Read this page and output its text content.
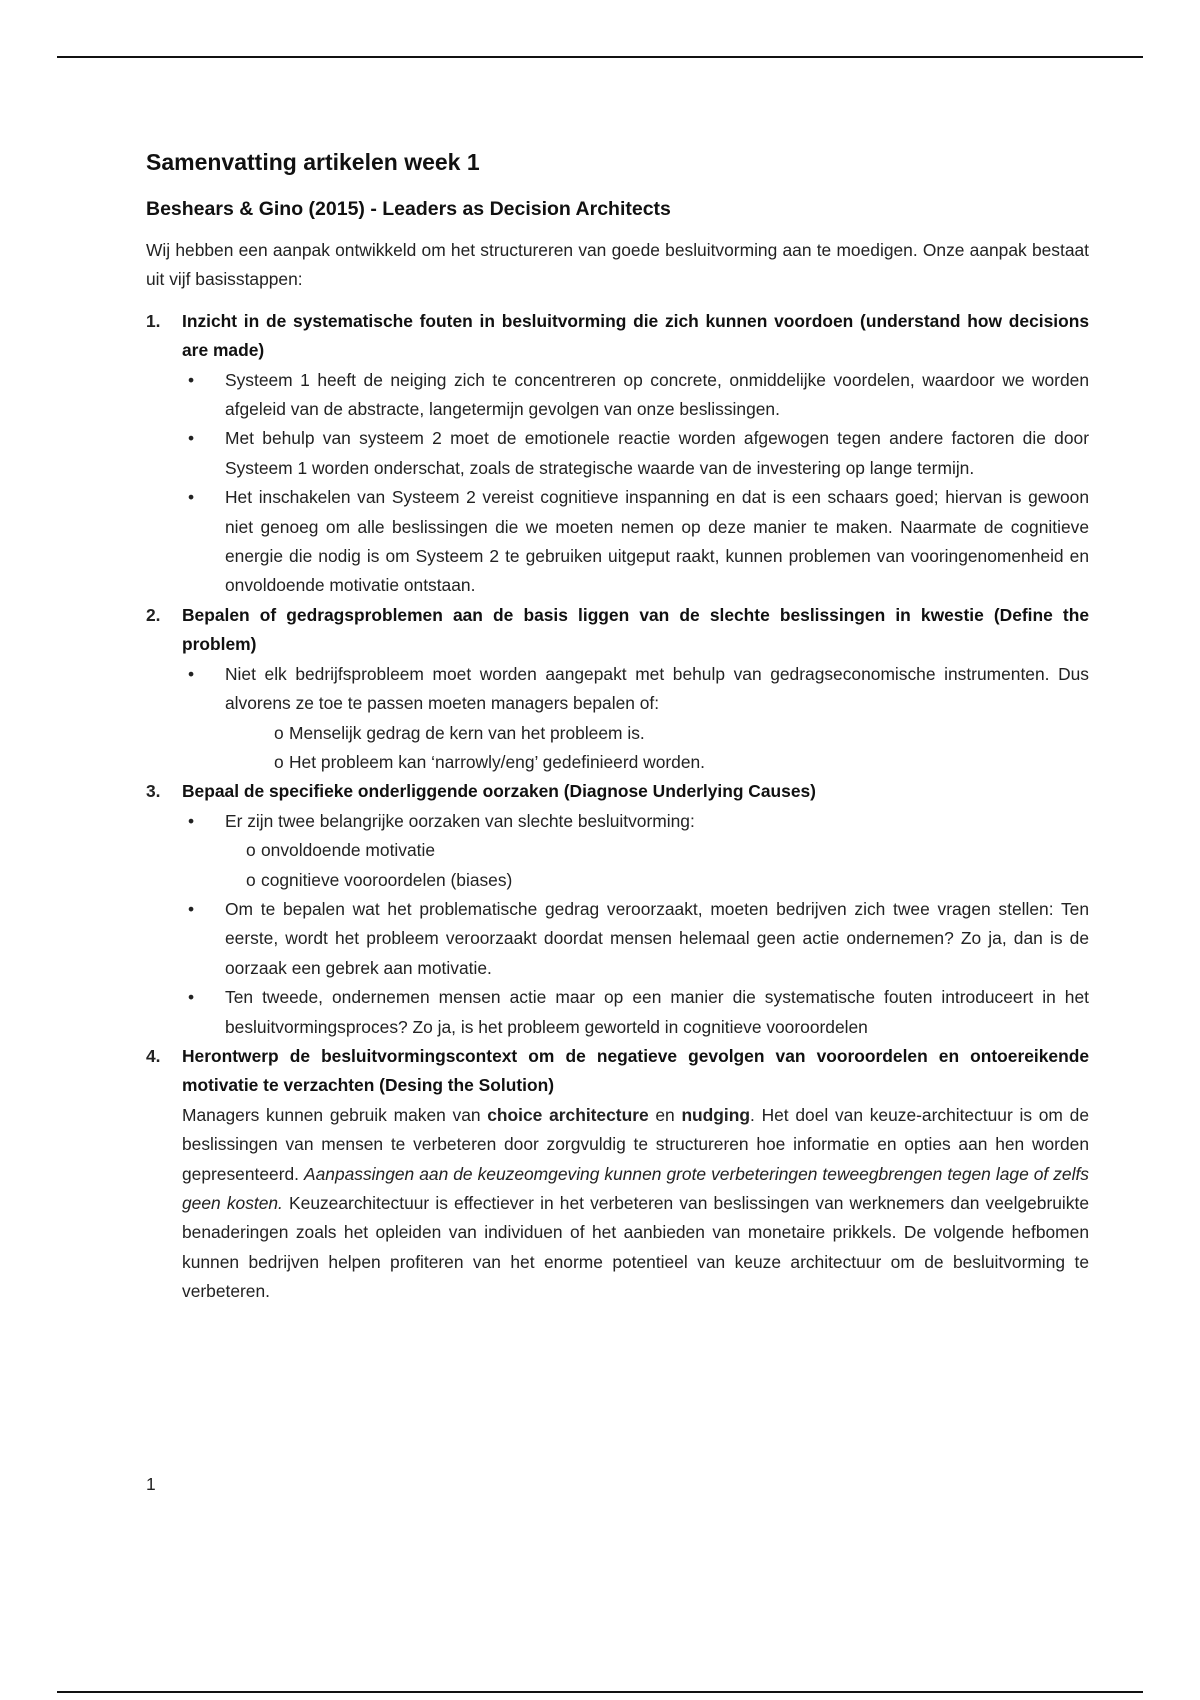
Samenvatting artikelen week 1
Beshears & Gino (2015) - Leaders as Decision Architects

Wij hebben een aanpak ontwikkeld om het structureren van goede besluitvorming aan te moedigen. Onze aanpak bestaat uit vijf basisstappen:

1. Inzicht in de systematische fouten in besluitvorming die zich kunnen voordoen (understand how decisions are made)
• Systeem 1 heeft de neiging zich te concentreren op concrete, onmiddelijke voordelen, waardoor we worden afgeleid van de abstracte, langetermijn gevolgen van onze beslissingen.
• Met behulp van systeem 2 moet de emotionele reactie worden afgewogen tegen andere factoren die door Systeem 1 worden onderschat, zoals de strategische waarde van de investering op lange termijn.
• Het inschakelen van Systeem 2 vereist cognitieve inspanning en dat is een schaars goed; hiervan is gewoon niet genoeg om alle beslissingen die we moeten nemen op deze manier te maken. Naarmate de cognitieve energie die nodig is om Systeem 2 te gebruiken uitgeput raakt, kunnen problemen van vooringenomenheid en onvoldoende motivatie ontstaan.
2. Bepalen of gedragsproblemen aan de basis liggen van de slechte beslissingen in kwestie (Define the problem)
• Niet elk bedrijfsprobleem moet worden aangepakt met behulp van gedragseconomische instrumenten. Dus alvorens ze toe te passen moeten managers bepalen of:
o Menselijk gedrag de kern van het probleem is.
o Het probleem kan ‘narrowly/eng’ gedefinieerd worden.
3. Bepaal de specifieke onderliggende oorzaken (Diagnose Underlying Causes)
• Er zijn twee belangrijke oorzaken van slechte besluitvorming:
o onvoldoende motivatie
o cognitieve vooroordelen (biases)
• Om te bepalen wat het problematische gedrag veroorzaakt, moeten bedrijven zich twee vragen stellen: Ten eerste, wordt het probleem veroorzaakt doordat mensen helemaal geen actie ondernemen? Zo ja, dan is de oorzaak een gebrek aan motivatie.
• Ten tweede, ondernemen mensen actie maar op een manier die systematische fouten introduceert in het besluitvormingsproces? Zo ja, is het probleem geworteld in cognitieve vooroordelen
4. Herontwerp de besluitvormingscontext om de negatieve gevolgen van vooroordelen en ontoereikende motivatie te verzachten (Desing the Solution)

Managers kunnen gebruik maken van choice architecture en nudging. Het doel van keuze-architectuur is om de beslissingen van mensen te verbeteren door zorgvuldig te structureren hoe informatie en opties aan hen worden gepresenteerd. Aanpassingen aan de keuzeomgeving kunnen grote verbeteringen teweegbrengen tegen lage of zelfs geen kosten. Keuzearchitectuur is effectiever in het verbeteren van beslissingen van werknemers dan veelgebruikte benaderingen zoals het opleiden van individuen of het aanbieden van monetaire prikkels. De volgende hefbomen kunnen bedrijven helpen profiteren van het enorme potentieel van keuze architectuur om de besluitvorming te verbeteren.

1
